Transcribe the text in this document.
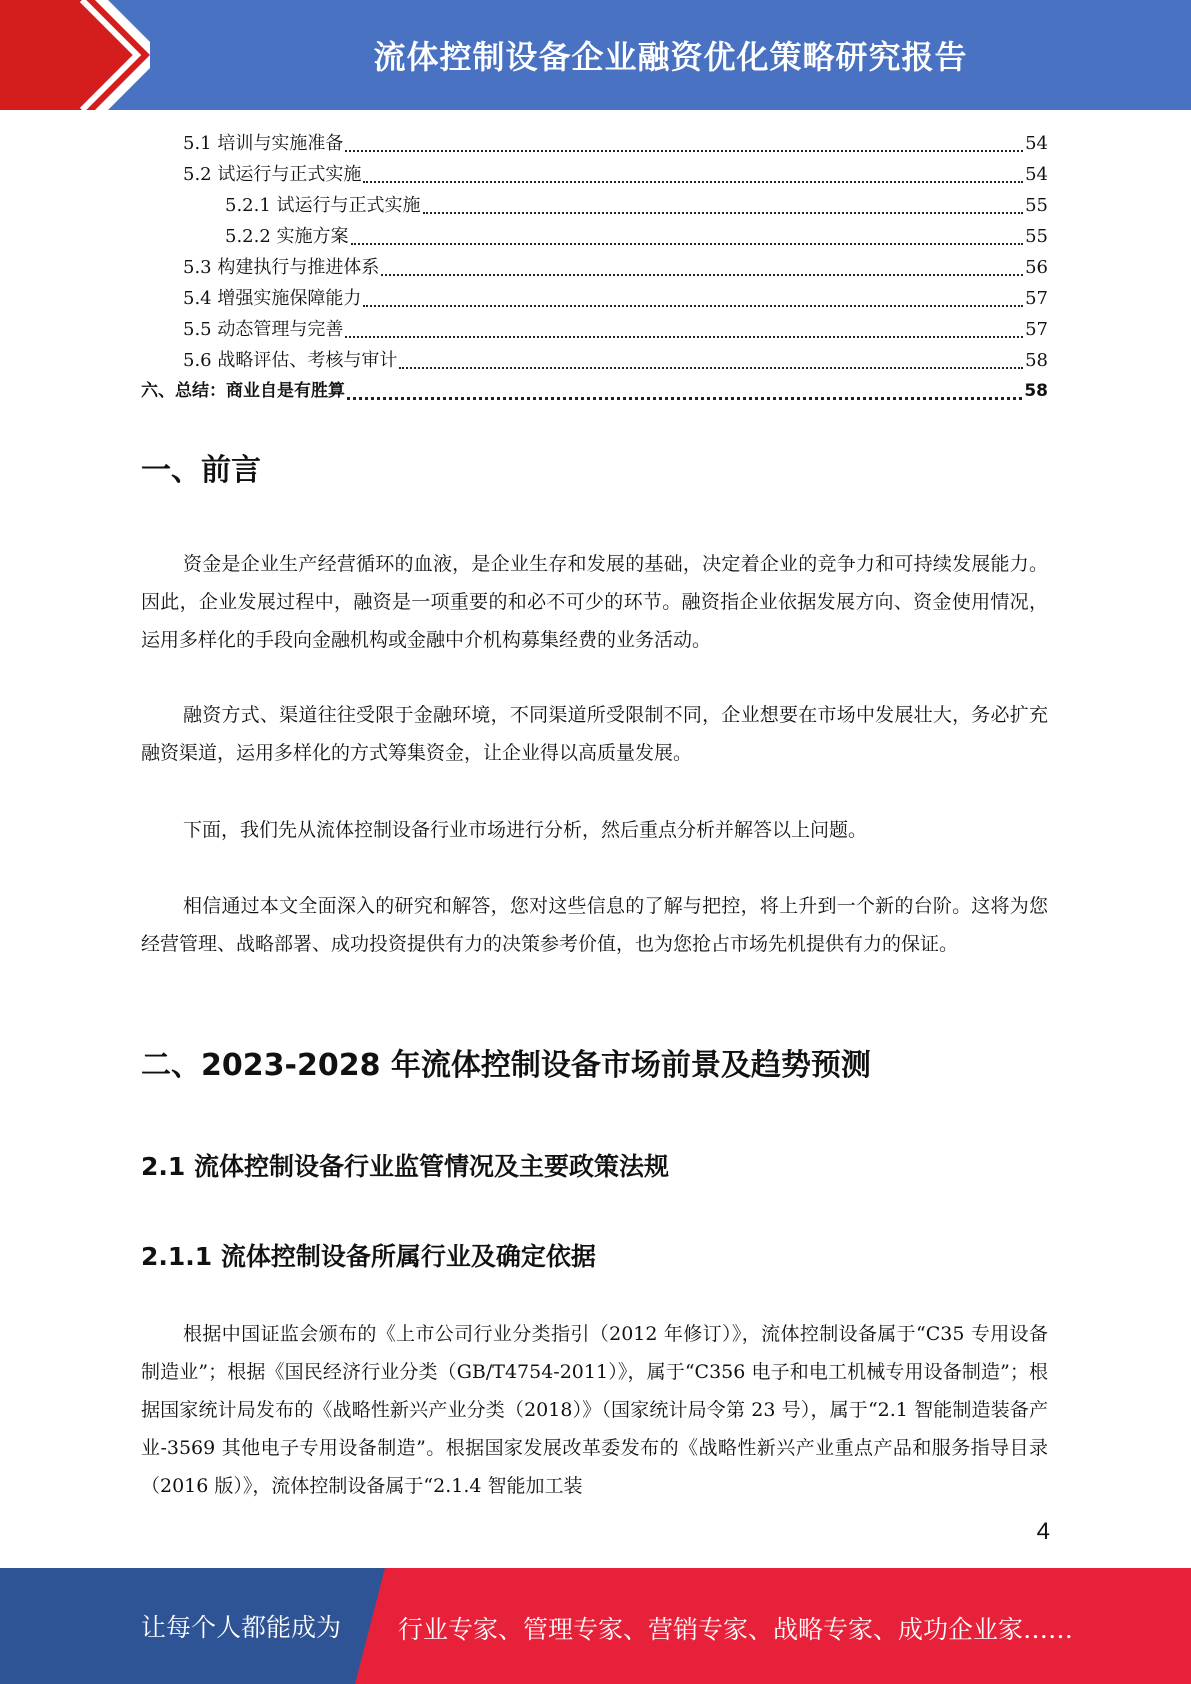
流体控制设备企业融资优化策略研究报告
5.1 培训与实施准备	54
5.2 试运行与正式实施	54
5.2.1 试运行与正式实施	55
5.2.2 实施方案	55
5.3 构建执行与推进体系	56
5.4 增强实施保障能力	57
5.5 动态管理与完善	57
5.6 战略评估、考核与审计	58
六、总结：商业自是有胜算	58
一、前言

资金是企业生产经营循环的血液，是企业生存和发展的基础，决定着企业的竞争力和可持续发展能力。因此，企业发展过程中，融资是一项重要的和必不可少的环节。融资指企业依据发展方向、资金使用情况，运用多样化的手段向金融机构或金融中介机构募集经费的业务活动。

融资方式、渠道往往受限于金融环境，不同渠道所受限制不同，企业想要在市场中发展壮大，务必扩充融资渠道，运用多样化的方式筹集资金，让企业得以高质量发展。

下面，我们先从流体控制设备行业市场进行分析，然后重点分析并解答以上问题。

相信通过本文全面深入的研究和解答，您对这些信息的了解与把控，将上升到一个新的台阶。这将为您经营管理、战略部署、成功投资提供有力的决策参考价值，也为您抢占市场先机提供有力的保证。

二、2023-2028 年流体控制设备市场前景及趋势预测
2.1 流体控制设备行业监管情况及主要政策法规
2.1.1 流体控制设备所属行业及确定依据

根据中国证监会颁布的《上市公司行业分类指引（2012 年修订）》，流体控制设备属于“C35 专用设备制造业”；根据《国民经济行业分类（GB/T4754-2011）》，属于“C356 电子和电工机械专用设备制造”；根据国家统计局发布的《战略性新兴产业分类（2018）》（国家统计局令第 23 号），属于“2.1 智能制造装备产业-3569 其他电子专用设备制造”。根据国家发展改革委发布的《战略性新兴产业重点产品和服务指导目录（2016 版）》，流体控制设备属于“2.1.4 智能加工装

4
让每个人都能成为 行业专家、管理专家、营销专家、战略专家、成功企业家……
